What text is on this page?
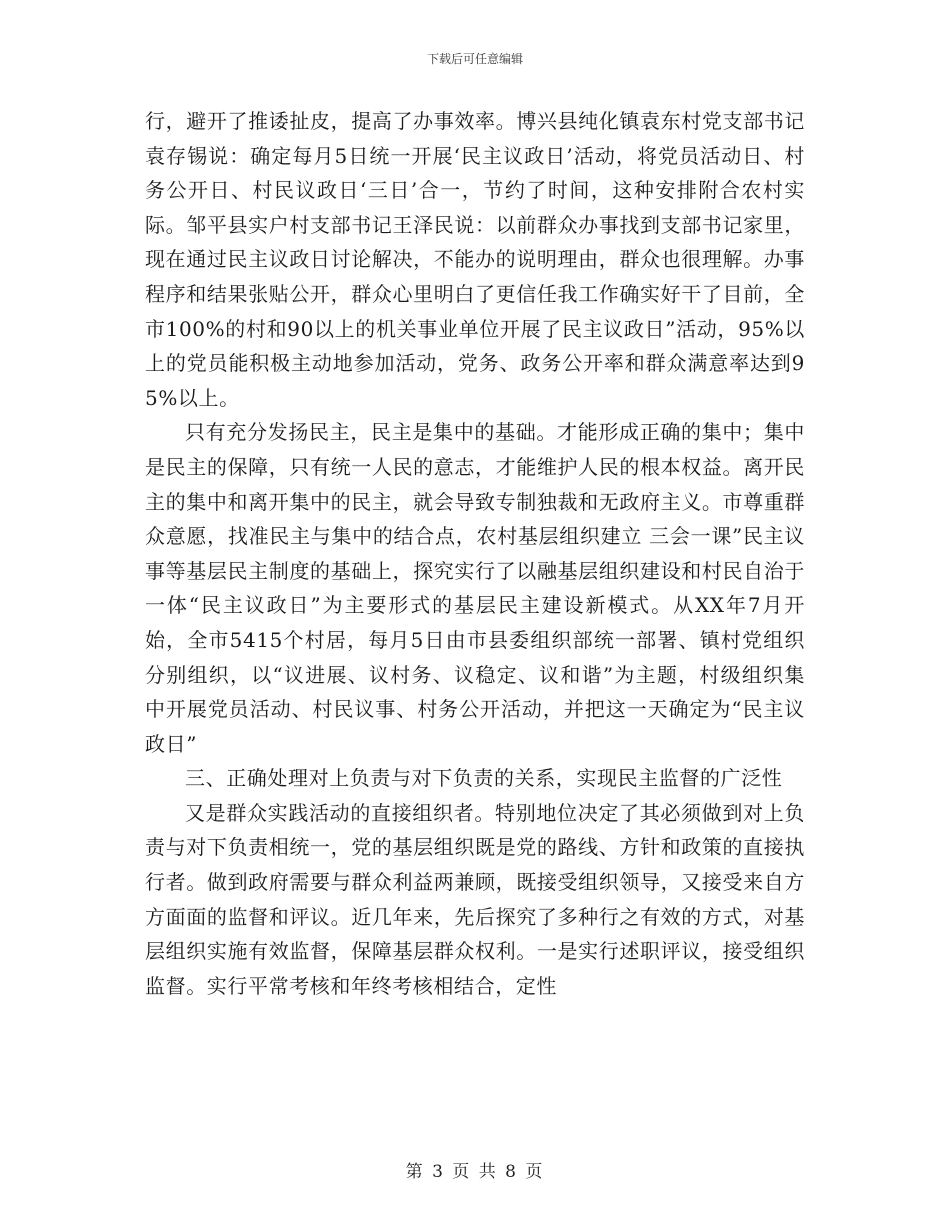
下载后可任意编辑

行，避开了推诿扯皮，提高了办事效率。博兴县纯化镇袁东村党支部书记袁存锡说：确定每月5日统一开展‘民主议政日’活动，将党员活动日、村务公开日、村民议政日‘三日’合一，节约了时间，这种安排附合农村实际。邹平县实户村支部书记王泽民说：以前群众办事找到支部书记家里，现在通过民主议政日讨论解决，不能办的说明理由，群众也很理解。办事程序和结果张贴公开，群众心里明白了更信任我工作确实好干了目前，全市100%的村和90以上的机关事业单位开展了民主议政日”活动，95%以上的党员能积极主动地参加活动，党务、政务公开率和群众满意率达到95%以上。

只有充分发扬民主，民主是集中的基础。才能形成正确的集中；集中是民主的保障，只有统一人民的意志，才能维护人民的根本权益。离开民主的集中和离开集中的民主，就会导致专制独裁和无政府主义。市尊重群众意愿，找准民主与集中的结合点，农村基层组织建立 三会一课”民主议事等基层民主制度的基础上，探究实行了以融基层组织建设和村民自治于一体“民主议政日”为主要形式的基层民主建设新模式。从XX年7月开始，全市5415个村居，每月5日由市县委组织部统一部署、镇村党组织分别组织，以“议进展、议村务、议稳定、议和谐”为主题，村级组织集中开展党员活动、村民议事、村务公开活动，并把这一天确定为“民主议政日”

三、正确处理对上负责与对下负责的关系，实现民主监督的广泛性

又是群众实践活动的直接组织者。特别地位决定了其必须做到对上负责与对下负责相统一，党的基层组织既是党的路线、方针和政策的直接执行者。做到政府需要与群众利益两兼顾，既接受组织领导，又接受来自方方面面的监督和评议。近几年来，先后探究了多种行之有效的方式，对基层组织实施有效监督，保障基层群众权利。一是实行述职评议，接受组织监督。实行平常考核和年终考核相结合，定性

第 3 页 共 8 页
